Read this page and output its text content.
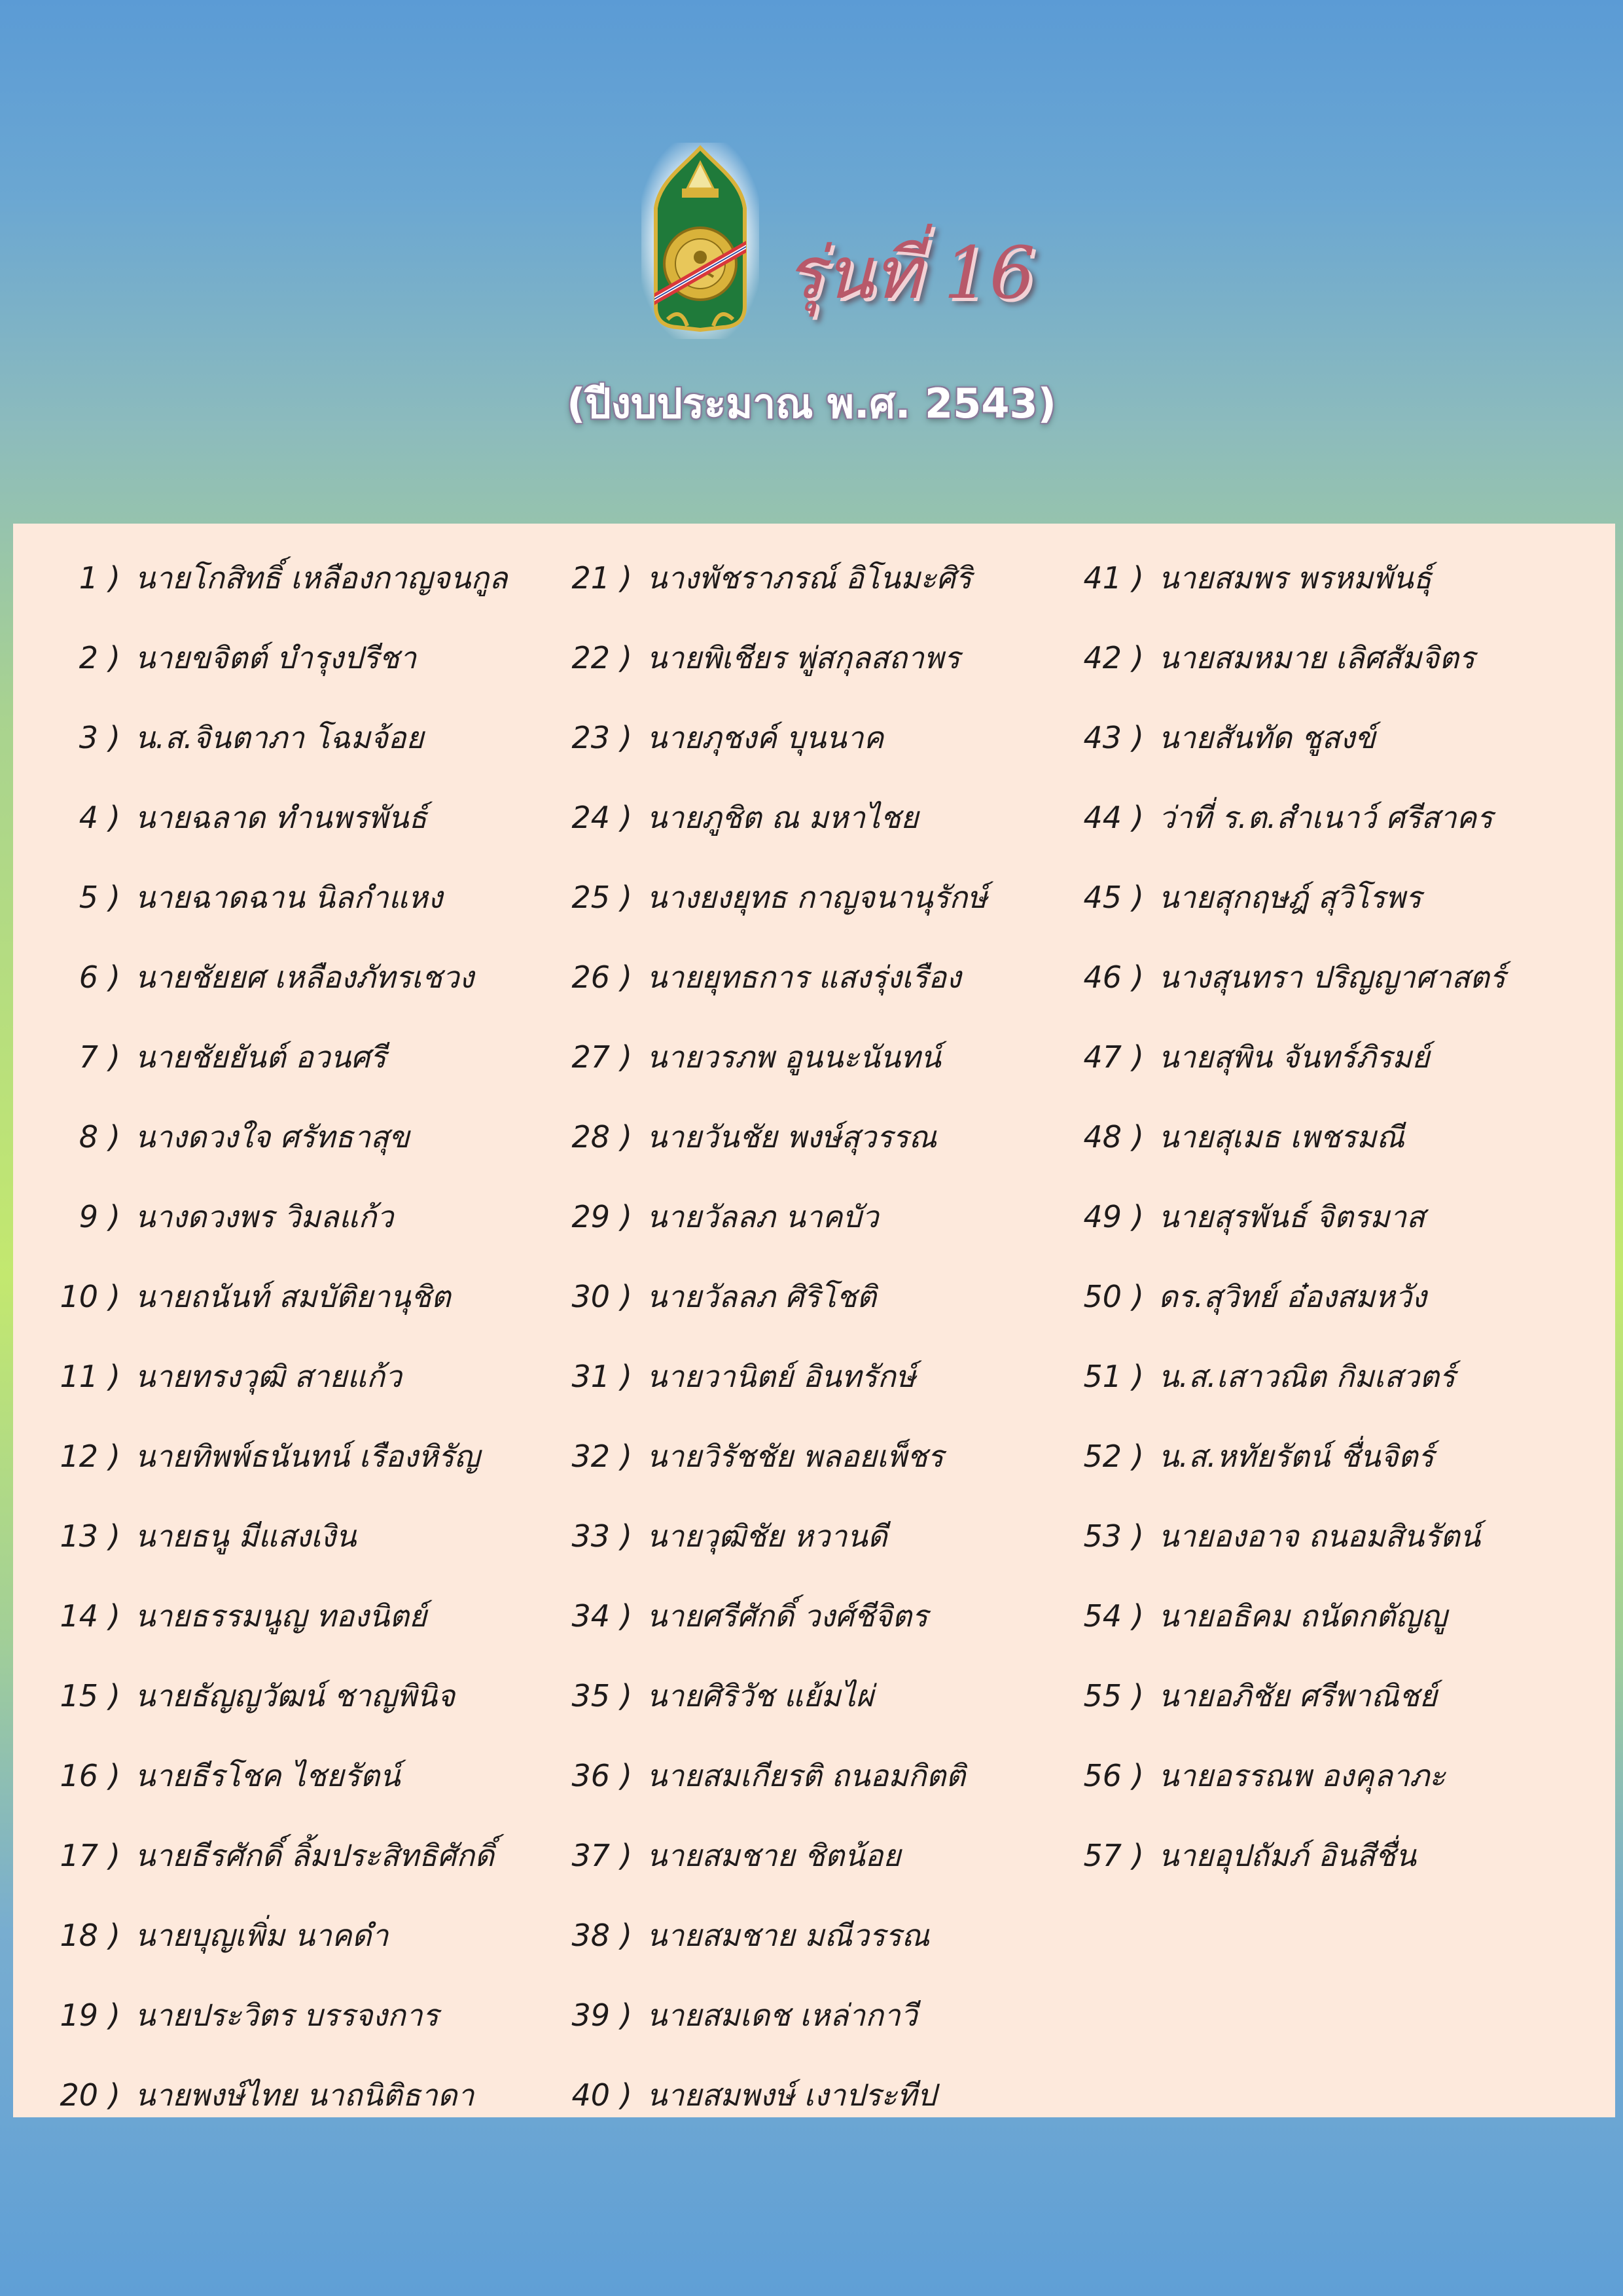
รุ่นที่ 16
(ปีงบประมาณ พ.ศ. 2543)
1 ) นายโกสิทธิ์ เหลืองกาญจนกูล
2 ) นายขจิตต์ บำรุงปรีชา
3 ) น.ส.จินตาภา โฉมจ้อย
4 ) นายฉลาด ทำนพรพันธ์
5 ) นายฉาดฉาน นิลกำแหง
6 ) นายชัยยศ เหลืองภัทรเชวง
7 ) นายชัยยันต์ อวนศรี
8 ) นางดวงใจ ศรัทธาสุข
9 ) นางดวงพร วิมลแก้ว
10 ) นายถนันท์ สมบัติยานุชิต
11 ) นายทรงวุฒิ สายแก้ว
12 ) นายทิพพ์ธนันทน์ เรืองหิรัญ
13 ) นายธนู มีแสงเงิน
14 ) นายธรรมนูญ ทองนิตย์
15 ) นายธัญญวัฒน์ ชาญพินิจ
16 ) นายธีรโชค ไชยรัตน์
17 ) นายธีรศักดิ์ ลิ้มประสิทธิศักดิ์
18 ) นายบุญเพิ่ม นาคดำ
19 ) นายประวิตร บรรจงการ
20 ) นายพงษ์ไทย นาถนิติธาดา
21 ) นางพัชราภรณ์ อิโนมะศิริ
22 ) นายพิเชียร พู่สกุลสถาพร
23 ) นายภุชงค์ บุนนาค
24 ) นายภูชิต ณ มหาไชย
25 ) นางยงยุทธ กาญจนานุรักษ์
26 ) นายยุทธการ แสงรุ่งเรือง
27 ) นายวรภพ อูนนะนันทน์
28 ) นายวันชัย พงษ์สุวรรณ
29 ) นายวัลลภ นาคบัว
30 ) นายวัลลภ ศิริโชติ
31 ) นายวานิตย์ อินทรักษ์
32 ) นายวิรัชชัย พลอยเพ็ชร
33 ) นายวุฒิชัย หวานดี
34 ) นายศรีศักดิ์ วงศ์ชีจิตร
35 ) นายศิริวัช แย้มไผ่
36 ) นายสมเกียรติ ถนอมกิตติ
37 ) นายสมชาย ชิตน้อย
38 ) นายสมชาย มณีวรรณ
39 ) นายสมเดช เหล่ากาวี
40 ) นายสมพงษ์ เงาประทีป
41 ) นายสมพร พรหมพันธุ์
42 ) นายสมหมาย เลิศสัมจิตร
43 ) นายสันทัด ชูสงข์
44 ) ว่าที่ ร.ต.สำเนาว์ ศรีสาคร
45 ) นายสุกฤษฎ์ สุวิโรพร
46 ) นางสุนทรา ปริญญาศาสตร์
47 ) นายสุพิน จันทร์ภิรมย์
48 ) นายสุเมธ เพชรมณี
49 ) นายสุรพันธ์ จิตรมาส
50 ) ดร.สุวิทย์ อ๋องสมหวัง
51 ) น.ส.เสาวณิต กิมเสวตร์
52 ) น.ส.หทัยรัตน์ ชื่นจิตร์
53 ) นายองอาจ ถนอมสินรัตน์
54 ) นายอธิคม ถนัดกตัญญู
55 ) นายอภิชัย ศรีพาณิชย์
56 ) นายอรรณพ องคุลาภะ
57 ) นายอุปถัมภ์ อินสีชื่น
